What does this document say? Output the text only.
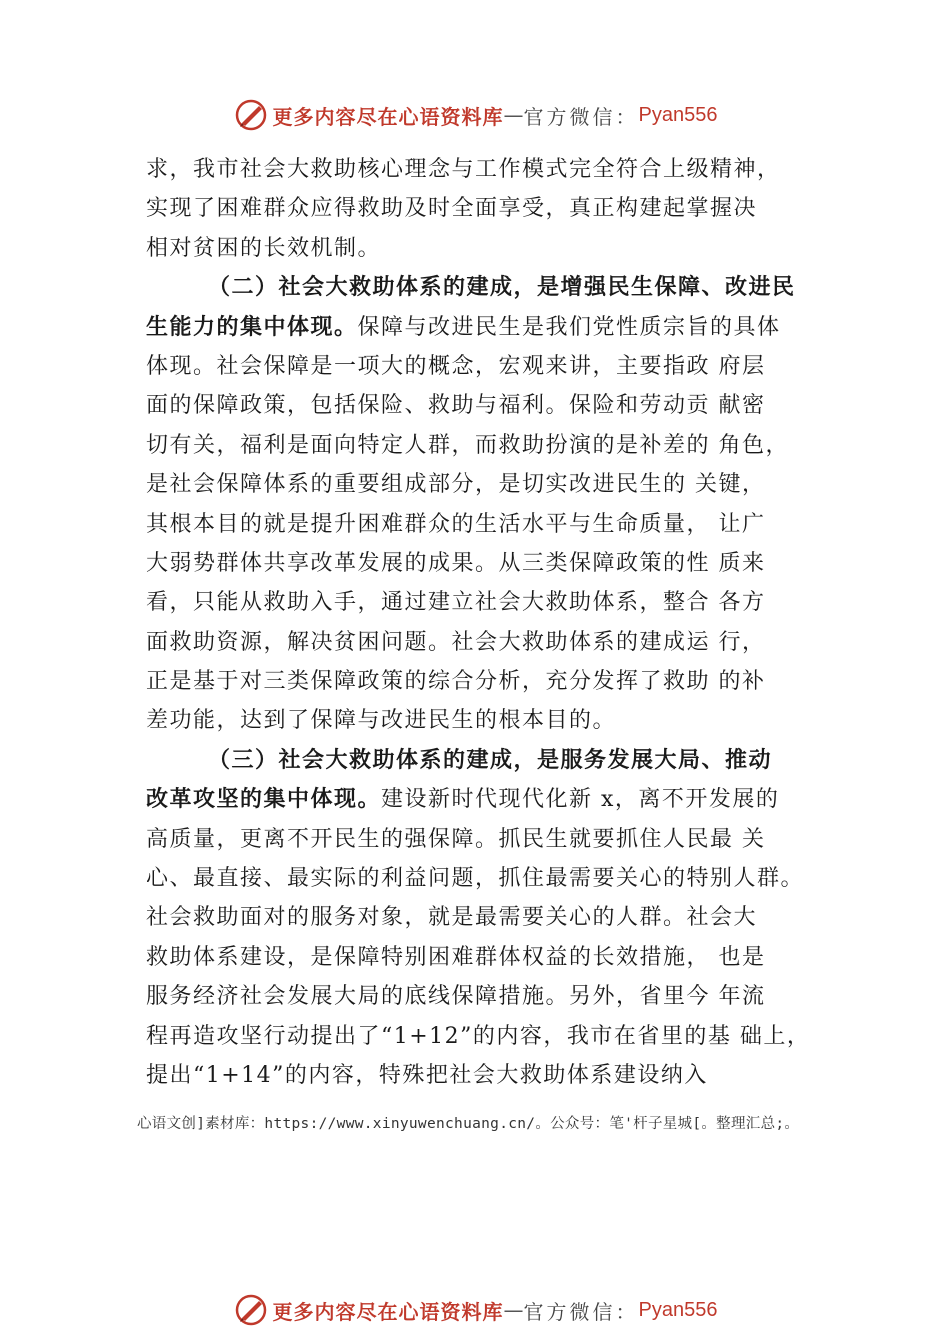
更多内容尽在心语资料库 — 官方微信： Pyan556
求，我市社会大救助核心理念与工作模式完全符合上级精神，
实现了困难群众应得救助及时全面享受，真正构建起掌握决
相对贫困的长效机制。
（二）社会大救助体系的建成，是增强民生保障、改进民
生能力的集中体现。保障与改进民生是我们党性质宗旨的具体
体现。社会保障是一项大的概念，宏观来讲，主要指政 府层
面的保障政策，包括保险、救助与福利。保险和劳动贡 献密
切有关，福利是面向特定人群，而救助扮演的是补差的 角色，
是社会保障体系的重要组成部分，是切实改进民生的 关键，
其根本目的就是提升困难群众的生活水平与生命质量， 让广
大弱势群体共享改革发展的成果。从三类保障政策的性 质来
看，只能从救助入手，通过建立社会大救助体系，整合 各方
面救助资源，解决贫困问题。社会大救助体系的建成运 行，
正是基于对三类保障政策的综合分析，充分发挥了救助 的补
差功能，达到了保障与改进民生的根本目的。
（三）社会大救助体系的建成，是服务发展大局、推动
改革攻坚的集中体现。建设新时代现代化新 x，离不开发展的
高质量，更离不开民生的强保障。抓民生就要抓住人民最 关
心、最直接、最实际的利益问题，抓住最需要关心的特别人群。
社会救助面对的服务对象，就是最需要关心的人群。社会大
救助体系建设，是保障特别困难群体权益的长效措施， 也是
服务经济社会发展大局的底线保障措施。另外，省里今 年流
程再造攻坚行动提出了“1+12”的内容，我市在省里的基 础上，
提出“1+14”的内容，特殊把社会大救助体系建设纳入
心语文创]素材库：https://www.xinyuwenchuang.cn/。公众号：笔'杆子星城[。整理汇总;。
更多内容尽在心语资料库 — 官方微信： Pyan556
